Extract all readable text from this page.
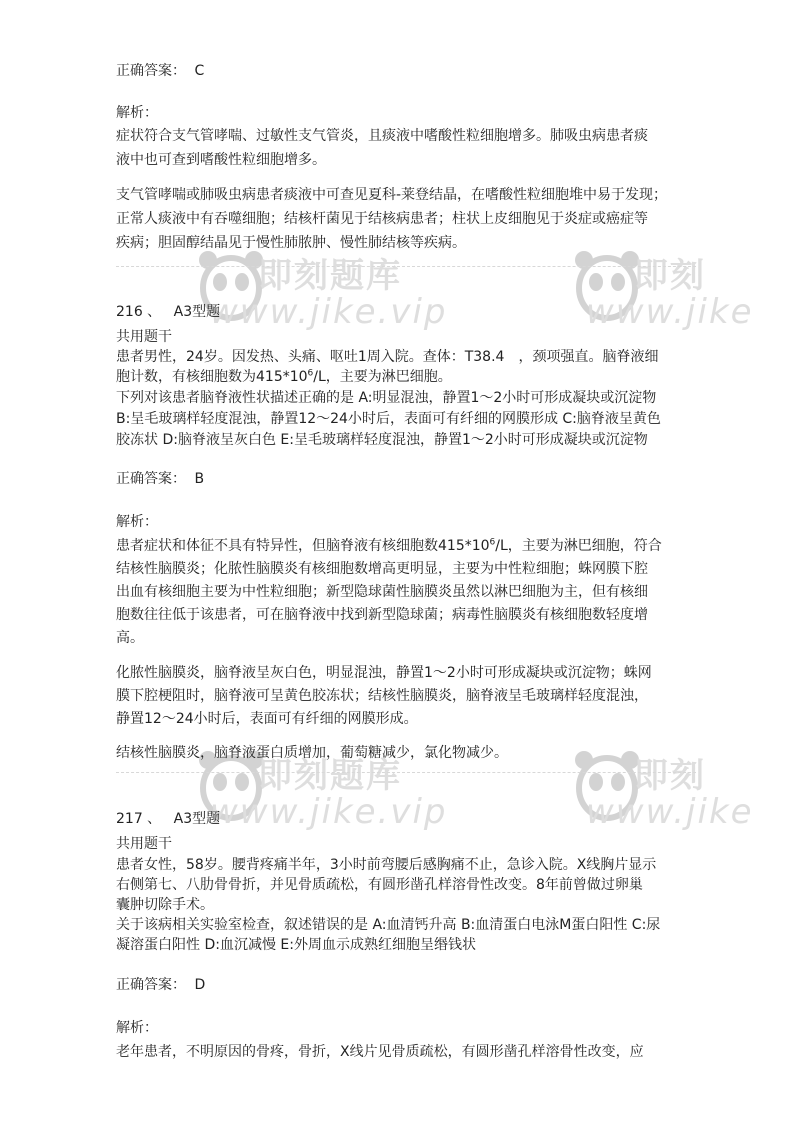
即刻题库
www.jike.vip
即刻
www.jike
即刻题库
www.jike.vip
即刻
www.jike
正确答案： C
解析：
症状符合支气管哮喘、过敏性支气管炎，且痰液中嗜酸性粒细胞增多。肺吸虫病患者痰
液中也可查到嗜酸性粒细胞增多。
支气管哮喘或肺吸虫病患者痰液中可查见夏科-莱登结晶，在嗜酸性粒细胞堆中易于发现；
正常人痰液中有吞噬细胞；结核杆菌见于结核病患者；柱状上皮细胞见于炎症或癌症等
疾病；胆固醇结晶见于慢性肺脓肿、慢性肺结核等疾病。
216 、 A3型题
共用题干
患者男性，24岁。因发热、头痛、呕吐1周入院。查体：T38.4　，颈项强直。脑脊液细
胞计数，有核细胞数为$415*10^6/L$，主要为淋巴细胞。
下列对该患者脑脊液性状描述正确的是 A:明显混浊，静置1～2小时可形成凝块或沉淀物
B:呈毛玻璃样轻度混浊，静置12～24小时后，表面可有纤细的网膜形成 C:脑脊液呈黄色
胶冻状 D:脑脊液呈灰白色 E:呈毛玻璃样轻度混浊，静置1～2小时可形成凝块或沉淀物
正确答案： B
解析：
患者症状和体征不具有特异性，但脑脊液有核细胞数$415*10^6/L$，主要为淋巴细胞，符合
结核性脑膜炎；化脓性脑膜炎有核细胞数增高更明显，主要为中性粒细胞；蛛网膜下腔
出血有核细胞主要为中性粒细胞；新型隐球菌性脑膜炎虽然以淋巴细胞为主，但有核细
胞数往往低于该患者，可在脑脊液中找到新型隐球菌；病毒性脑膜炎有核细胞数轻度增
高。
化脓性脑膜炎，脑脊液呈灰白色，明显混浊，静置1～2小时可形成凝块或沉淀物；蛛网
膜下腔梗阻时，脑脊液可呈黄色胶冻状；结核性脑膜炎，脑脊液呈毛玻璃样轻度混浊，
静置12～24小时后，表面可有纤细的网膜形成。
结核性脑膜炎，脑脊液蛋白质增加，葡萄糖减少，氯化物减少。
217 、 A3型题
共用题干
患者女性，58岁。腰背疼痛半年，3小时前弯腰后感胸痛不止，急诊入院。X线胸片显示
右侧第七、八肋骨骨折，并见骨质疏松，有圆形凿孔样溶骨性改变。8年前曾做过卵巢
囊肿切除手术。
关于该病相关实验室检查，叙述错误的是 A:血清钙升高 B:血清蛋白电泳M蛋白阳性 C:尿
凝溶蛋白阳性 D:血沉减慢 E:外周血示成熟红细胞呈缗钱状
正确答案： D
解析：
老年患者，不明原因的骨疼，骨折，X线片见骨质疏松，有圆形凿孔样溶骨性改变，应
